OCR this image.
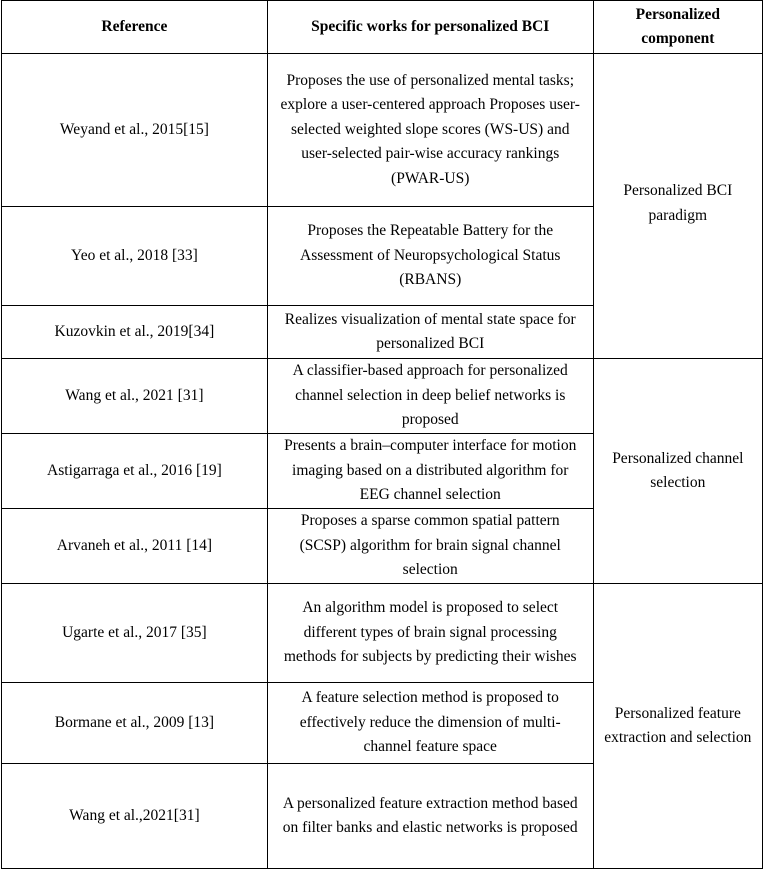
Reference	Specific works for personalized BCI	Personalized component
Weyand et al., 2015[15]	Proposes the use of personalized mental tasks; explore a user-centered approach Proposes user-selected weighted slope scores (WS-US) and user-selected pair-wise accuracy rankings (PWAR-US)	Personalized BCI paradigm
Yeo et al., 2018 [33]	Proposes the Repeatable Battery for the Assessment of Neuropsychological Status (RBANS)	
Kuzovkin et al., 2019[34]	Realizes visualization of mental state space for personalized BCI	
Wang et al., 2021 [31]	A classifier-based approach for personalized channel selection in deep belief networks is proposed	Personalized channel selection
Astigarraga et al., 2016 [19]	Presents a brain–computer interface for motion imaging based on a distributed algorithm for EEG channel selection	
Arvaneh et al., 2011 [14]	Proposes a sparse common spatial pattern (SCSP) algorithm for brain signal channel selection	
Ugarte et al., 2017 [35]	An algorithm model is proposed to select different types of brain signal processing methods for subjects by predicting their wishes	Personalized feature extraction and selection
Bormane et al., 2009 [13]	A feature selection method is proposed to effectively reduce the dimension of multi-channel feature space	
Wang et al.,2021[31]	A personalized feature extraction method based on filter banks and elastic networks is proposed	
